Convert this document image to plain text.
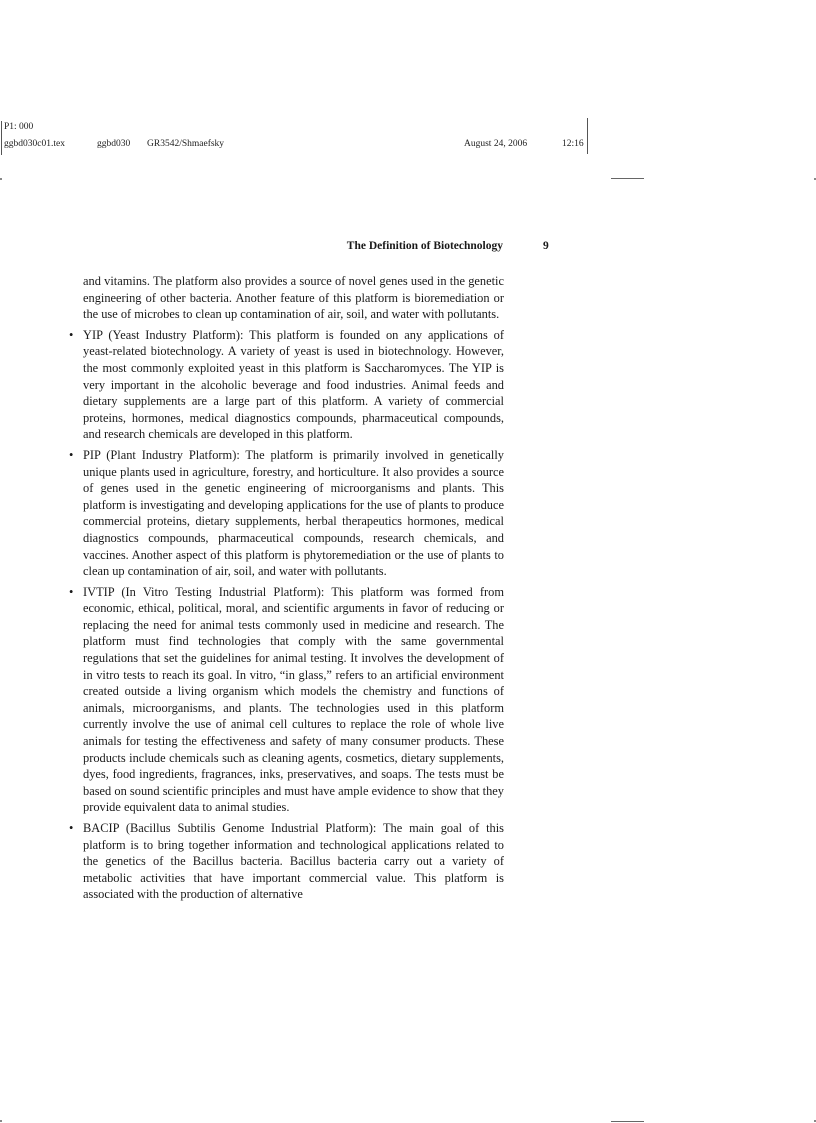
P1: 000
ggbd030c01.tex	ggbd030 GR3542/Shmaefsky	August 24, 2006	12:16
The Definition of Biotechnology	9

and vitamins. The platform also provides a source of novel genes used in the genetic engineering of other bacteria. Another feature of this platform is bioremediation or the use of microbes to clean up contamination of air, soil, and water with pollutants.

• YIP (Yeast Industry Platform): This platform is founded on any applications of yeast-related biotechnology. A variety of yeast is used in biotechnology. However, the most commonly exploited yeast in this platform is Saccharomyces. The YIP is very important in the alcoholic beverage and food industries. Animal feeds and dietary supplements are a large part of this platform. A variety of commercial proteins, hormones, medical diagnostics compounds, pharmaceutical compounds, and research chemicals are developed in this platform.
• PIP (Plant Industry Platform): The platform is primarily involved in genetically unique plants used in agriculture, forestry, and horticulture. It also provides a source of genes used in the genetic engineering of microorganisms and plants. This platform is investigating and developing applications for the use of plants to produce commercial proteins, dietary supplements, herbal therapeutics hormones, medical diagnostics compounds, pharmaceutical compounds, research chemicals, and vaccines. Another aspect of this platform is phytoremediation or the use of plants to clean up contamination of air, soil, and water with pollutants.
• IVTIP (In Vitro Testing Industrial Platform): This platform was formed from economic, ethical, political, moral, and scientific arguments in favor of reducing or replacing the need for animal tests commonly used in medicine and research. The platform must find technologies that comply with the same governmental regulations that set the guidelines for animal testing. It involves the development of in vitro tests to reach its goal. In vitro, “in glass,” refers to an artificial environment created outside a living organism which models the chemistry and functions of animals, microorganisms, and plants. The technologies used in this platform currently involve the use of animal cell cultures to replace the role of whole live animals for testing the effectiveness and safety of many consumer products. These products include chemicals such as cleaning agents, cosmetics, dietary supplements, dyes, food ingredients, fragrances, inks, preservatives, and soaps. The tests must be based on sound scientific principles and must have ample evidence to show that they provide equivalent data to animal studies.
• BACIP (Bacillus Subtilis Genome Industrial Platform): The main goal of this platform is to bring together information and technological applications related to the genetics of the Bacillus bacteria. Bacillus bacteria carry out a variety of metabolic activities that have important commercial value. This platform is associated with the production of alternative
